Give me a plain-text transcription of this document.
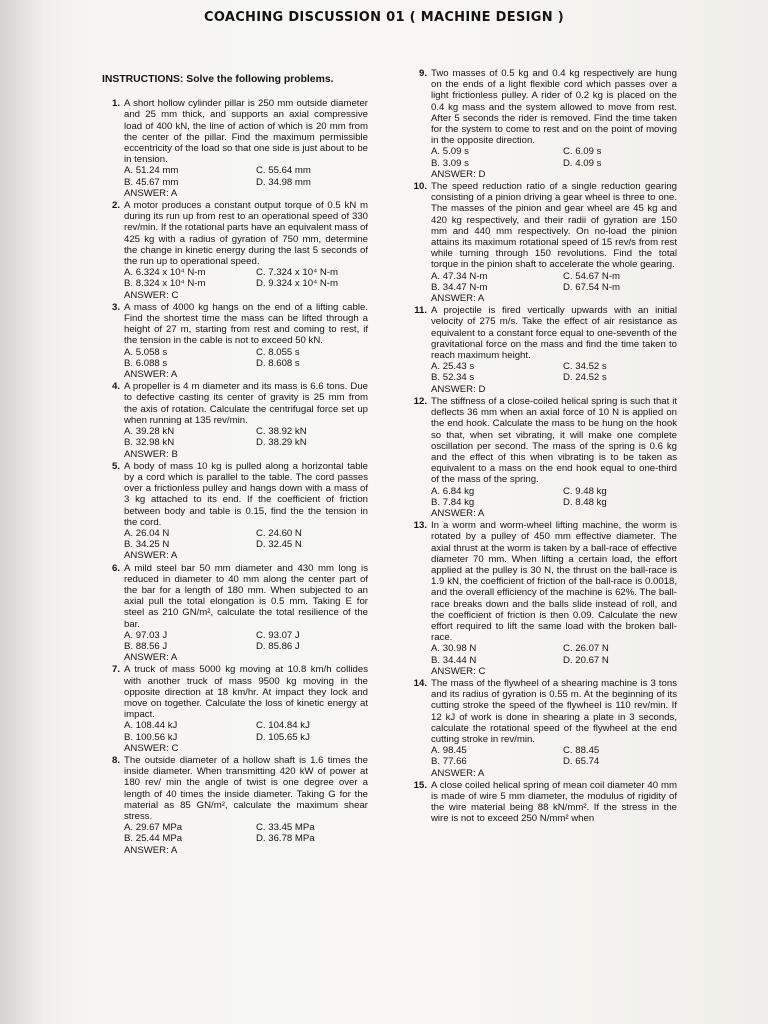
COACHING DISCUSSION 01 ( MACHINE DESIGN )
INSTRUCTIONS: Solve the following problems.
1. A short hollow cylinder pillar is 250 mm outside diameter and 25 mm thick, and supports an axial compressive load of 400 kN, the line of action of which is 20 mm from the center of the pillar. Find the maximum permissible eccentricity of the load so that one side is just about to be in tension.
A. 51.24 mm	C. 55.64 mm
B. 45.67 mm	D. 34.98 mm
ANSWER: A
2. A motor produces a constant output torque of 0.5 kN m during its run up from rest to an operational speed of 330 rev/min. If the rotational parts have an equivalent mass of 425 kg with a radius of gyration of 750 mm, determine the change in kinetic energy during the last 5 seconds of the run up to operational speed.
A. 6.324 x 10⁴ N-m	C. 7.324 x 10⁴ N-m
B. 8.324 x 10⁴ N-m	D. 9.324 x 10⁴ N-m
ANSWER: C
3. A mass of 4000 kg hangs on the end of a lifting cable. Find the shortest time the mass can be lifted through a height of 27 m, starting from rest and coming to rest, if the tension in the cable is not to exceed 50 kN.
A. 5.058 s	C. 8.055 s
B. 6.088 s	D. 8.608 s
ANSWER: A
4. A propeller is 4 m diameter and its mass is 6.6 tons. Due to defective casting its center of gravity is 25 mm from the axis of rotation. Calculate the centrifugal force set up when running at 135 rev/min.
A. 39.28 kN	C. 38.92 kN
B. 32.98 kN	D. 38.29 kN
ANSWER: B
5. A body of mass 10 kg is pulled along a horizontal table by a cord which is parallel to the table. The cord passes over a frictionless pulley and hangs down with a mass of 3 kg attached to its end. If the coefficient of friction between body and table is 0.15, find the the tension in the cord.
A. 26.04 N	C. 24.60 N
B. 34.25 N	D. 32.45 N
ANSWER: A
6. A mild steel bar 50 mm diameter and 430 mm long is reduced in diameter to 40 mm along the center part of the bar for a length of 180 mm. When subjected to an axial pull the total elongation is 0.5 mm. Taking E for steel as 210 GN/m², calculate the total resilience of the bar.
A. 97.03 J	C. 93.07 J
B. 88.56 J	D. 85.86 J
ANSWER: A
7. A truck of mass 5000 kg moving at 10.8 km/h collides with another truck of mass 9500 kg moving in the opposite direction at 18 km/hr. At impact they lock and move on together. Calculate the loss of kinetic energy at impact.
A. 108.44 kJ	C. 104.84 kJ
B. 100.56 kJ	D. 105.65 kJ
ANSWER: C
8. The outside diameter of a hollow shaft is 1.6 times the inside diameter. When transmitting 420 kW of power at 180 rev/ min the angle of twist is one degree over a length of 40 times the inside diameter. Taking G for the material as 85 GN/m², calculate the maximum shear stress.
A. 29.67 MPa	C. 33.45 MPa
B. 25.44 MPa	D. 36.78 MPa
ANSWER: A
9. Two masses of 0.5 kg and 0.4 kg respectively are hung on the ends of a light flexible cord which passes over a light frictionless pulley. A rider of 0.2 kg is placed on the 0.4 kg mass and the system allowed to move from rest. After 5 seconds the rider is removed. Find the time taken for the system to come to rest and on the point of moving in the opposite direction.
A. 5.09 s	C. 6.09 s
B. 3.09 s	D. 4.09 s
ANSWER: D
10. The speed reduction ratio of a single reduction gearing consisting of a pinion driving a gear wheel is three to one. The masses of the pinion and gear wheel are 45 kg and 420 kg respectively, and their radii of gyration are 150 mm and 440 mm respectively. On no-load the pinion attains its maximum rotational speed of 15 rev/s from rest while turning through 150 revolutions. Find the total torque in the pinion shaft to accelerate the whole gearing.
A. 47.34 N-m	C. 54.67 N-m
B. 34.47 N-m	D. 67.54 N-m
ANSWER: A
11. A projectile is fired vertically upwards with an initial velocity of 275 m/s. Take the effect of air resistance as equivalent to a constant force equal to one-seventh of the gravitational force on the mass and find the time taken to reach maximum height.
A. 25.43 s	C. 34.52 s
B. 52.34 s	D. 24.52 s
ANSWER: D
12. The stiffness of a close-coiled helical spring is such that it deflects 36 mm when an axial force of 10 N is applied on the end hook. Calculate the mass to be hung on the hook so that, when set vibrating, it will make one complete oscillation per second. The mass of the spring is 0.6 kg and the effect of this when vibrating is to be taken as equivalent to a mass on the end hook equal to one-third of the mass of the spring.
A. 6.84 kg	C. 9.48 kg
B. 7.84 kg	D. 8.48 kg
ANSWER: A
13. In a worm and worm-wheel lifting machine, the worm is rotated by a pulley of 450 mm effective diameter. The axial thrust at the worm is taken by a ball-race of effective diameter 70 mm. When lifting a certain load, the effort applied at the pulley is 30 N, the thrust on the ball-race is 1.9 kN, the coefficient of friction of the ball-race is 0.0018, and the overall efficiency of the machine is 62%. The ball-race breaks down and the balls slide instead of roll, and the coefficient of friction is then 0.09. Calculate the new effort required to lift the same load with the broken ball-race.
A. 30.98 N	C. 26.07 N
B. 34.44 N	D. 20.67 N
ANSWER: C
14. The mass of the flywheel of a shearing machine is 3 tons and its radius of gyration is 0.55 m. At the beginning of its cutting stroke the speed of the flywheel is 110 rev/min. If 12 kJ of work is done in shearing a plate in 3 seconds, calculate the rotational speed of the flywheel at the end cutting stroke in rev/min.
A. 98.45	C. 88.45
B. 77.66	D. 65.74
ANSWER: A
15. A close coiled helical spring of mean coil diameter 40 mm is made of wire 5 mm diameter, the modulus of rigidity of the wire material being 88 kN/mm². If the stress in the wire is not to exceed 250 N/mm² when
